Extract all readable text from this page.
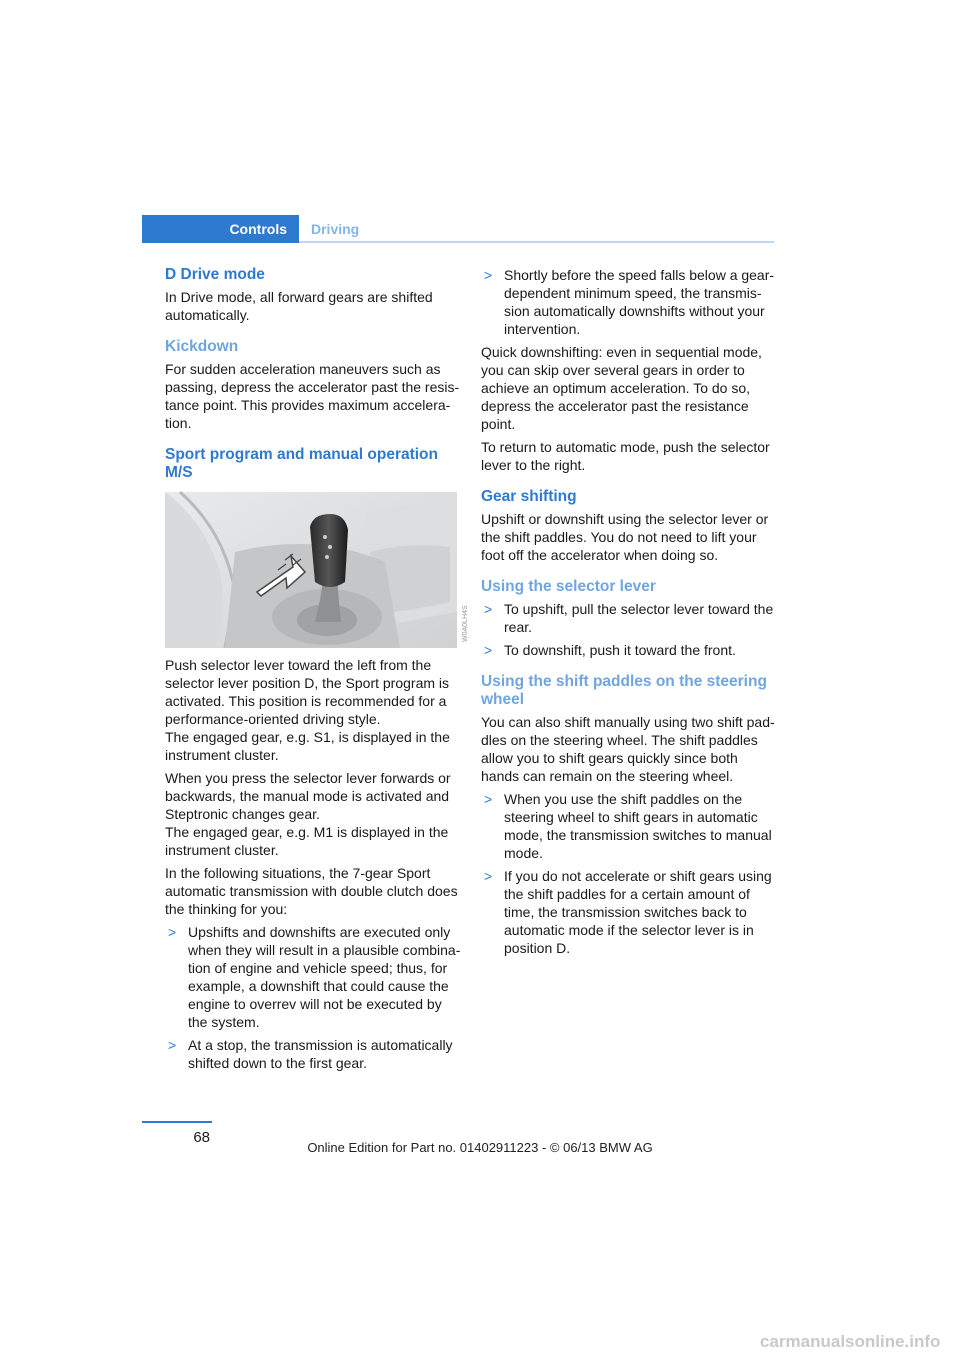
Controls	Driving
D Drive mode

In Drive mode, all forward gears are shifted automatically.

Kickdown

For sudden acceleration maneuvers such as passing, depress the accelerator past the resis-tance point. This provides maximum accelera-tion.

Sport program and manual operation M/S
W0A0LH4S

Push selector lever toward the left from the selector lever position D, the Sport program is activated. This position is recommended for a performance-oriented driving style.
The engaged gear, e.g. S1, is displayed in the instrument cluster.

When you press the selector lever forwards or backwards, the manual mode is activated and Steptronic changes gear.
The engaged gear, e.g. M1 is displayed in the instrument cluster.

In the following situations, the 7-gear Sport automatic transmission with double clutch does the thinking for you:

> Upshifts and downshifts are executed only when they will result in a plausible combina-tion of engine and vehicle speed; thus, for example, a downshift that could cause the engine to overrev will not be executed by the system.
> At a stop, the transmission is automatically shifted down to the first gear.
> Shortly before the speed falls below a gear-dependent minimum speed, the transmis-sion automatically downshifts without your intervention.

Quick downshifting: even in sequential mode, you can skip over several gears in order to achieve an optimum acceleration. To do so, depress the accelerator past the resistance point.

To return to automatic mode, push the selector lever to the right.

Gear shifting

Upshift or downshift using the selector lever or the shift paddles. You do not need to lift your foot off the accelerator when doing so.

Using the selector lever
> To upshift, pull the selector lever toward the rear.
> To downshift, push it toward the front.
Using the shift paddles on the steering wheel

You can also shift manually using two shift pad-dles on the steering wheel. The shift paddles allow you to shift gears quickly since both hands can remain on the steering wheel.

> When you use the shift paddles on the steering wheel to shift gears in automatic mode, the transmission switches to manual mode.
> If you do not accelerate or shift gears using the shift paddles for a certain amount of time, the transmission switches back to automatic mode if the selector lever is in position D.
68
Online Edition for Part no. 01402911223 - © 06/13 BMW AG
carmanualsonline.info
